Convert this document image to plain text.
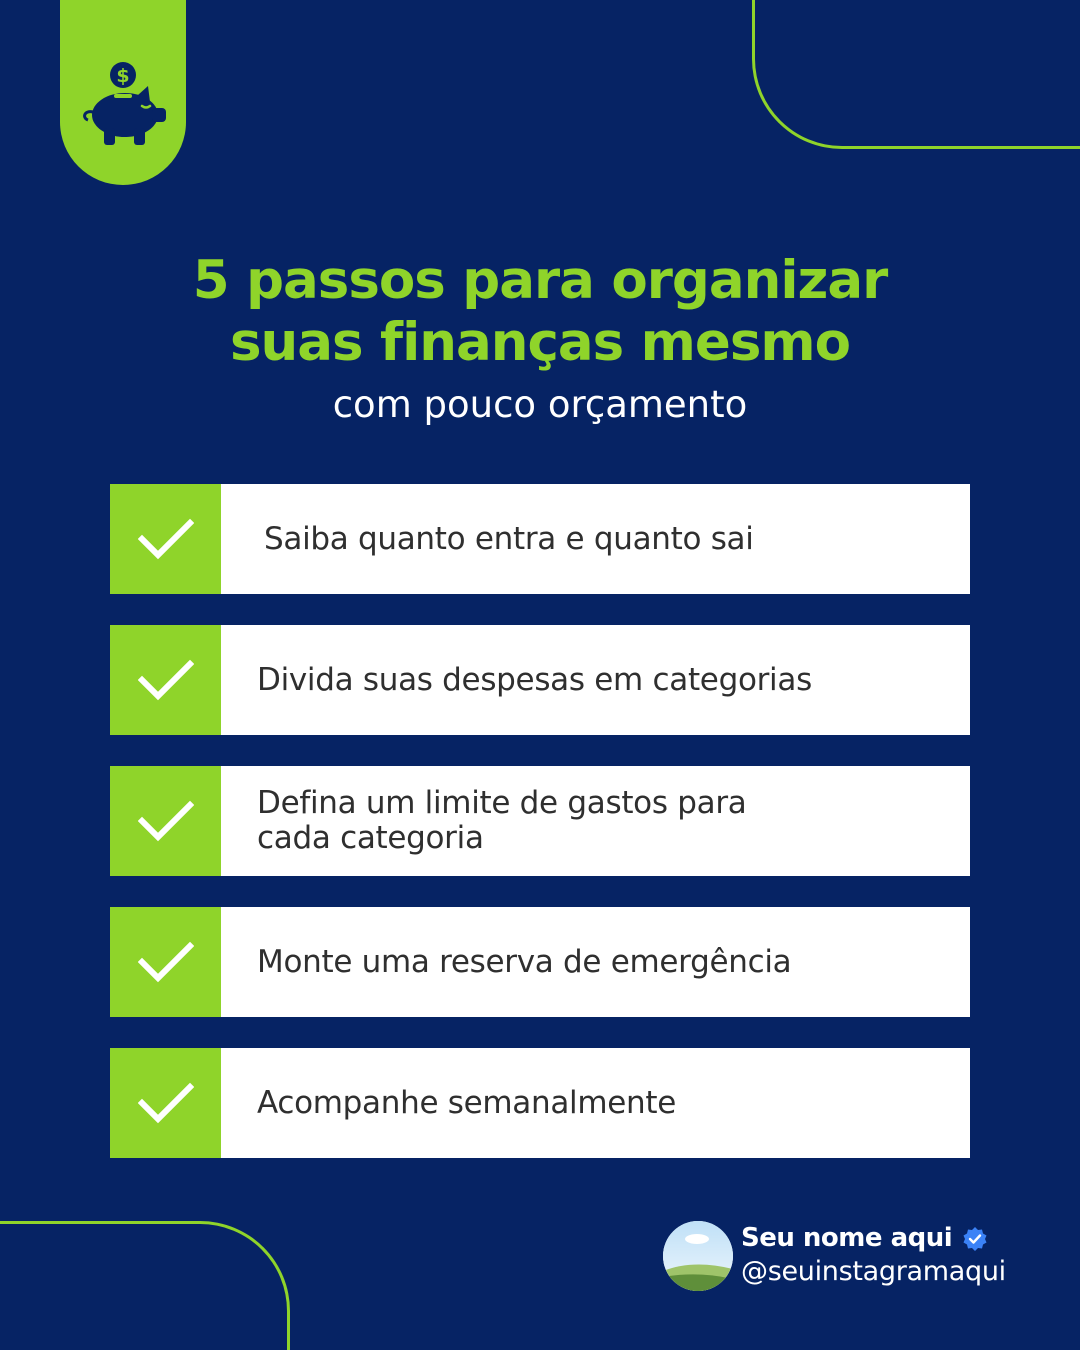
$
5 passos para organizar
suas finanças mesmo
com pouco orçamento
Saiba quanto entra e quanto sai
Divida suas despesas em categorias
Defina um limite de gastos para
cada categoria
Monte uma reserva de emergência
Acompanhe semanalmente
Seu nome aqui
@seuinstagramaqui
